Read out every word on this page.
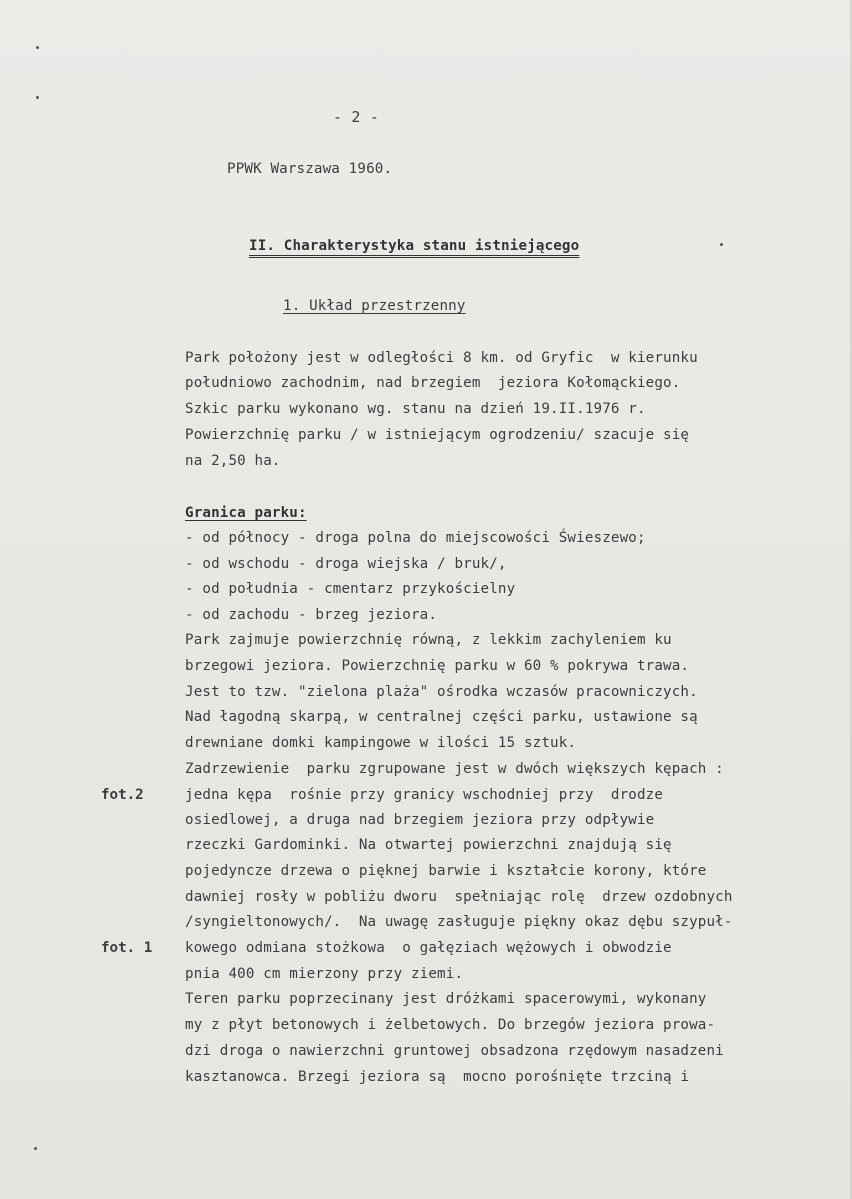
- 2 -
PPWK Warszawa 1960.
II. Charakterystyka stanu istniejącego
1. Układ przestrzenny
Park położony jest w odległości 8 km. od Gryfic  w kierunku
południowo zachodnim, nad brzegiem  jeziora Kołomąckiego.
Szkic parku wykonano wg. stanu na dzień 19.II.1976 r.
Powierzchnię parku / w istniejącym ogrodzeniu/ szacuje się
na 2,50 ha.
Granica parku:
- od północy - droga polna do miejscowości Świeszewo;
- od wschodu - droga wiejska / bruk/,
- od południa - cmentarz przykościelny
- od zachodu - brzeg jeziora.
Park zajmuje powierzchnię równą, z lekkim zachyleniem ku
brzegowi jeziora. Powierzchnię parku w 60 % pokrywa trawa.
Jest to tzw. "zielona plaża" ośrodka wczasów pracowniczych.
Nad łagodną skarpą, w centralnej części parku, ustawione są
drewniane domki kampingowe w ilości 15 sztuk.
Zadrzewienie  parku zgrupowane jest w dwóch większych kępach :
jedna kępa  rośnie przy granicy wschodniej przy  drodze
osiedlowej, a druga nad brzegiem jeziora przy odpływie
rzeczki Gardominki. Na otwartej powierzchni znajdują się
pojedyncze drzewa o pięknej barwie i kształcie korony, które
dawniej rosły w pobliżu dworu  spełniając rolę  drzew ozdobnych
/syngieltonowych/.  Na uwagę zasługuje piękny okaz dębu szypuł-
kowego odmiana stożkowa  o gałęziach wężowych i obwodzie
pnia 400 cm mierzony przy ziemi.
Teren parku poprzecinany jest dróżkami spacerowymi, wykonany
my z płyt betonowych i żelbetowych. Do brzegów jeziora prowa-
dzi droga o nawierzchni gruntowej obsadzona rzędowym nasadzeni
kasztanowca. Brzegi jeziora są  mocno porośnięte trzciną i
fot.2
fot. 1
